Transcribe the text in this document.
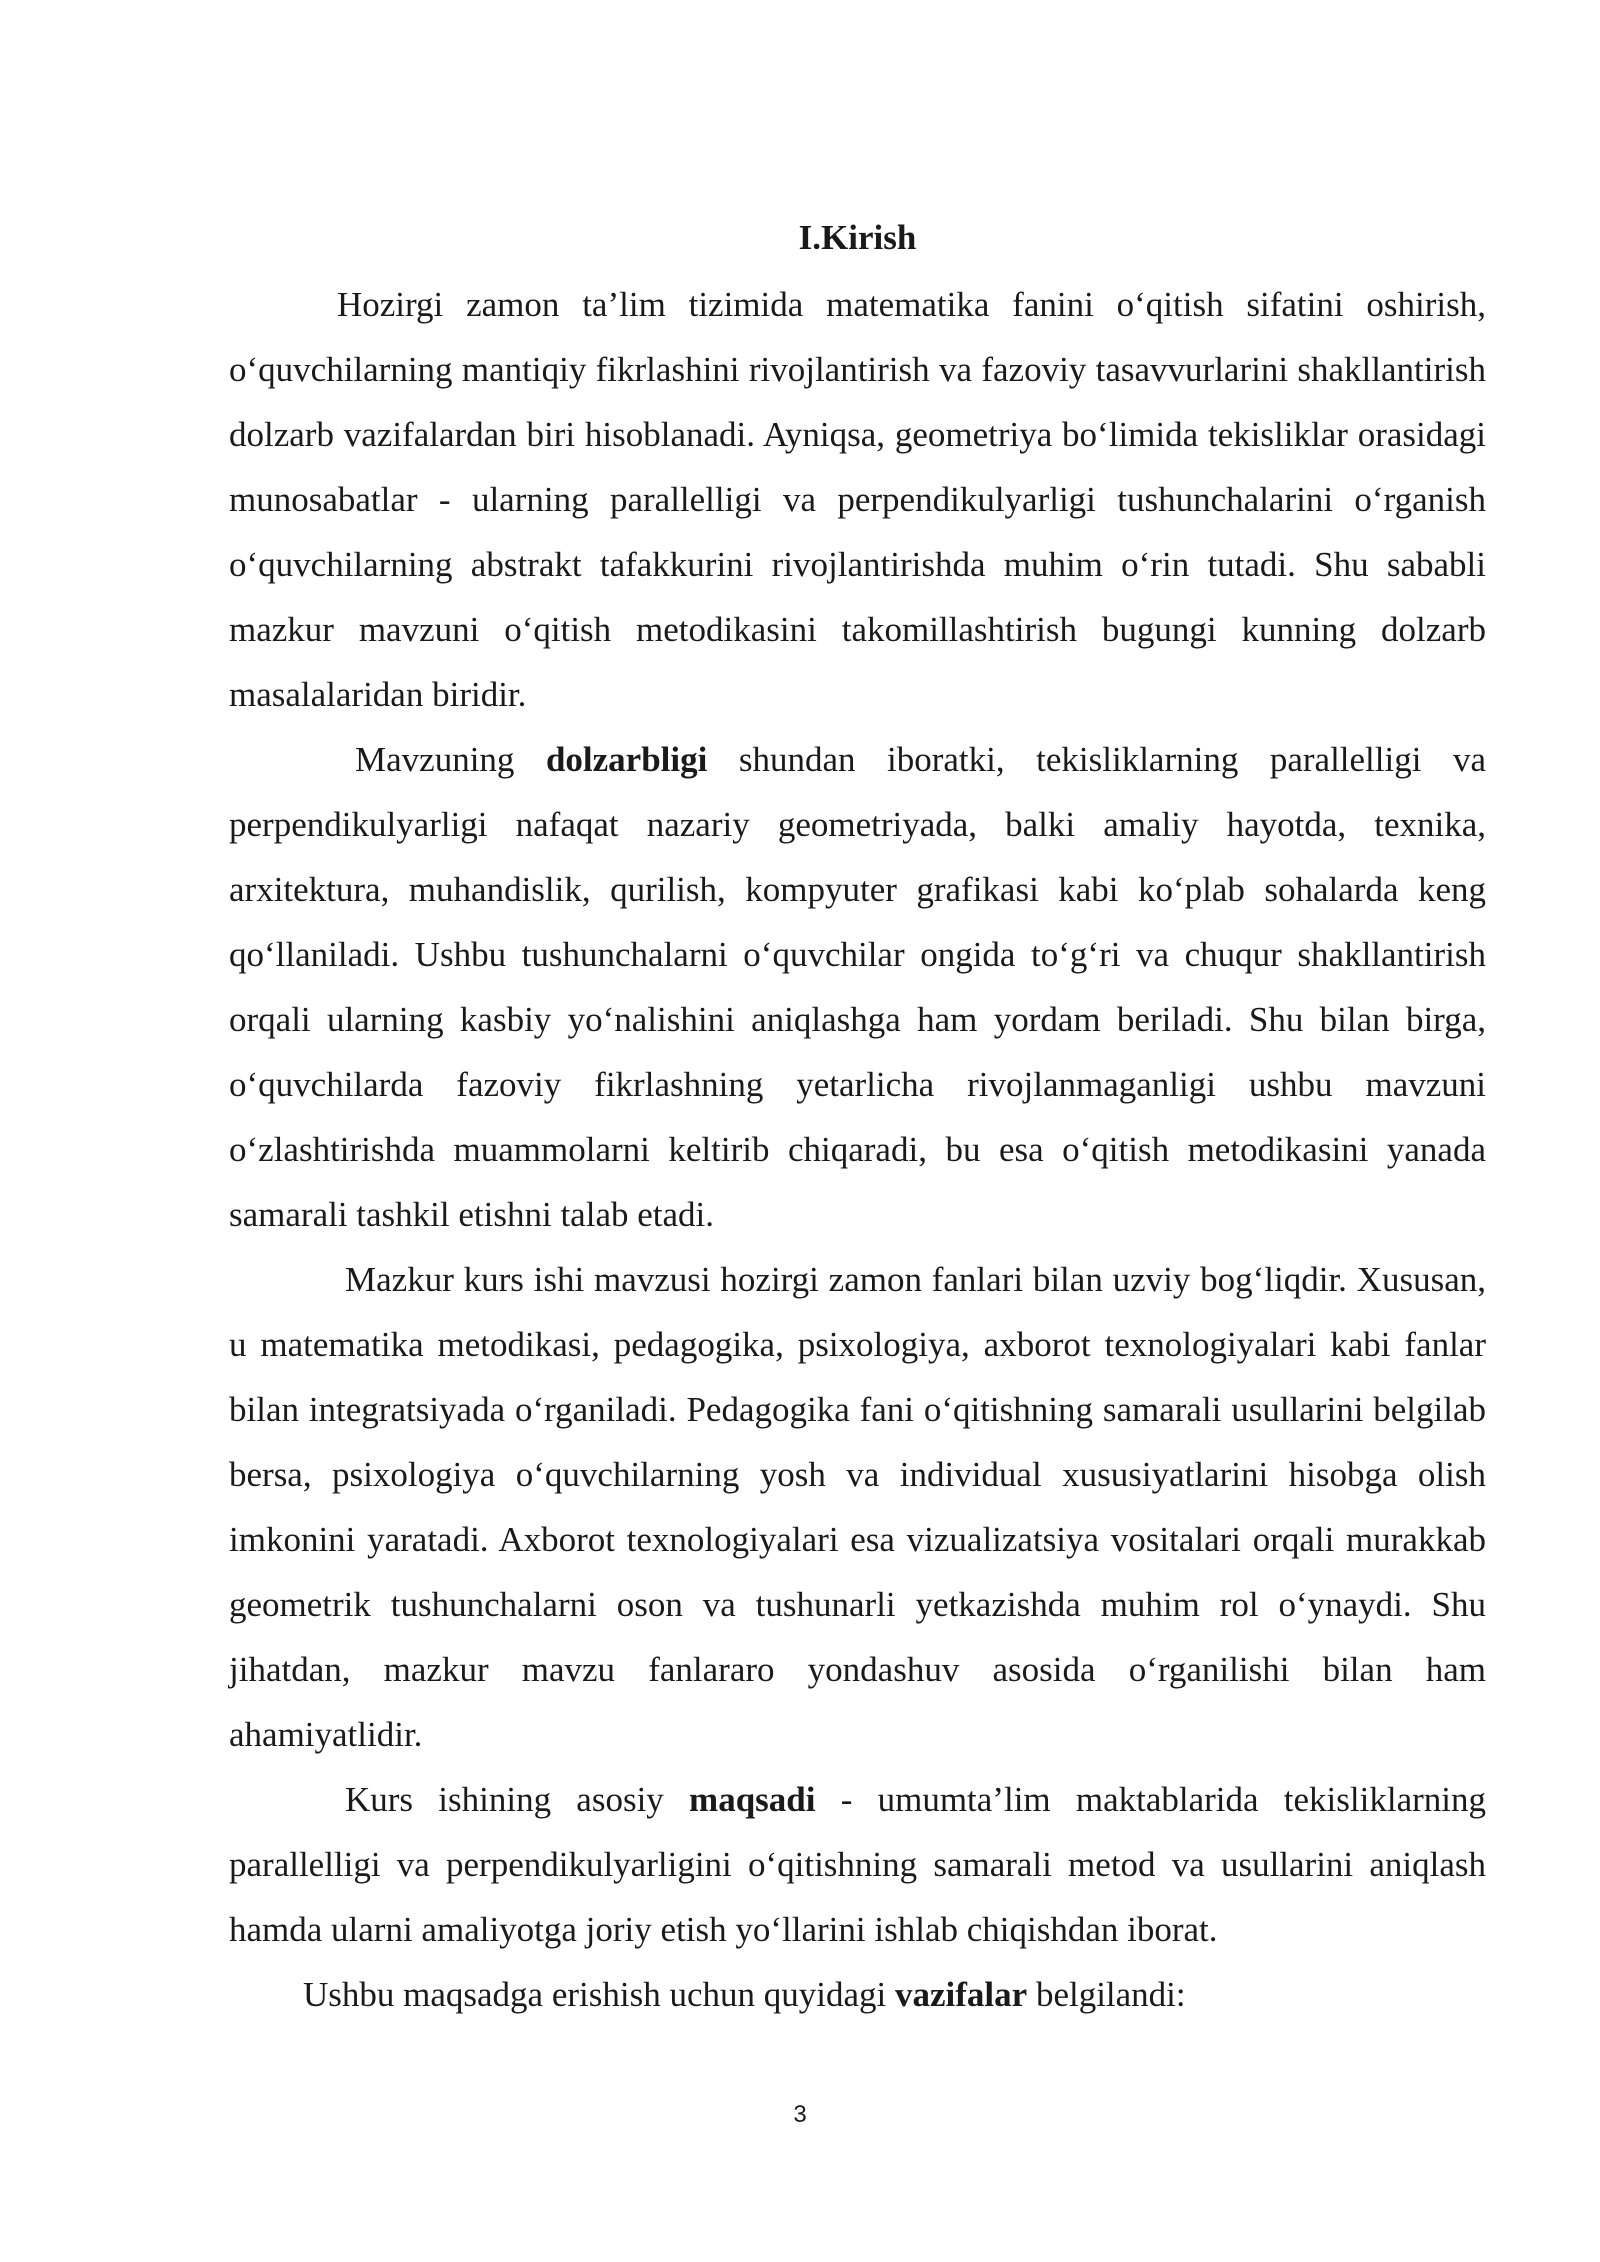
I.Kirish

Hozirgi zamon ta’lim tizimida matematika fanini o‘qitish sifatini oshirish, o‘quvchilarning mantiqiy fikrlashini rivojlantirish va fazoviy tasavvurlarini shakllantirish dolzarb vazifalardan biri hisoblanadi. Ayniqsa, geometriya bo‘limida tekisliklar orasidagi munosabatlar - ularning parallelligi va perpendikulyarligi tushunchalarini o‘rganish o‘quvchilarning abstrakt tafakkurini rivojlantirishda muhim o‘rin tutadi. Shu sababli mazkur mavzuni o‘qitish metodikasini takomillashtirish bugungi kunning dolzarb masalalaridan biridir.

Mavzuning dolzarbligi shundan iboratki, tekisliklarning parallelligi va perpendikulyarligi nafaqat nazariy geometriyada, balki amaliy hayotda, texnika, arxitektura, muhandislik, qurilish, kompyuter grafikasi kabi ko‘plab sohalarda keng qo‘llaniladi. Ushbu tushunchalarni o‘quvchilar ongida to‘g‘ri va chuqur shakllantirish orqali ularning kasbiy yo‘nalishini aniqlashga ham yordam beriladi. Shu bilan birga, o‘quvchilarda fazoviy fikrlashning yetarlicha rivojlanmaganligi ushbu mavzuni o‘zlashtirishda muammolarni keltirib chiqaradi, bu esa o‘qitish metodikasini yanada samarali tashkil etishni talab etadi.

Mazkur kurs ishi mavzusi hozirgi zamon fanlari bilan uzviy bog‘liqdir. Xususan, u matematika metodikasi, pedagogika, psixologiya, axborot texnologiyalari kabi fanlar bilan integratsiyada o‘rganiladi. Pedagogika fani o‘qitishning samarali usullarini belgilab bersa, psixologiya o‘quvchilarning yosh va individual xususiyatlarini hisobga olish imkonini yaratadi. Axborot texnologiyalari esa vizualizatsiya vositalari orqali murakkab geometrik tushunchalarni oson va tushunarli yetkazishda muhim rol o‘ynaydi. Shu jihatdan, mazkur mavzu fanlararo yondashuv asosida o‘rganilishi bilan ham ahamiyatlidir.

Kurs ishining asosiy maqsadi - umumta’lim maktablarida tekisliklarning parallelligi va perpendikulyarligini o‘qitishning samarali metod va usullarini aniqlash hamda ularni amaliyotga joriy etish yo‘llarini ishlab chiqishdan iborat.

Ushbu maqsadga erishish uchun quyidagi vazifalar belgilandi:

3
